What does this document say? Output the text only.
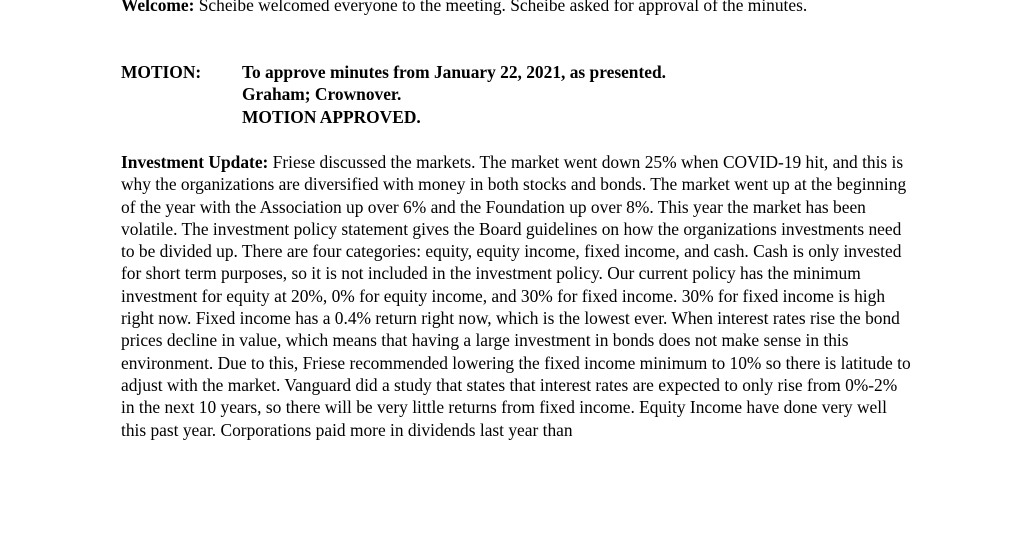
Welcome: Scheibe welcomed everyone to the meeting. Scheibe asked for approval of the minutes.

MOTION: To approve minutes from January 22, 2021, as presented.
Graham; Crownover.
MOTION APPROVED.

Investment Update: Friese discussed the markets. The market went down 25% when COVID-19 hit, and this is why the organizations are diversified with money in both stocks and bonds. The market went up at the beginning of the year with the Association up over 6% and the Foundation up over 8%. This year the market has been volatile. The investment policy statement gives the Board guidelines on how the organizations investments need to be divided up. There are four categories: equity, equity income, fixed income, and cash. Cash is only invested for short term purposes, so it is not included in the investment policy. Our current policy has the minimum investment for equity at 20%, 0% for equity income, and 30% for fixed income. 30% for fixed income is high right now. Fixed income has a 0.4% return right now, which is the lowest ever. When interest rates rise the bond prices decline in value, which means that having a large investment in bonds does not make sense in this environment. Due to this, Friese recommended lowering the fixed income minimum to 10% so there is latitude to adjust with the market. Vanguard did a study that states that interest rates are expected to only rise from 0%-2% in the next 10 years, so there will be very little returns from fixed income. Equity Income have done very well this past year. Corporations paid more in dividends last year than
